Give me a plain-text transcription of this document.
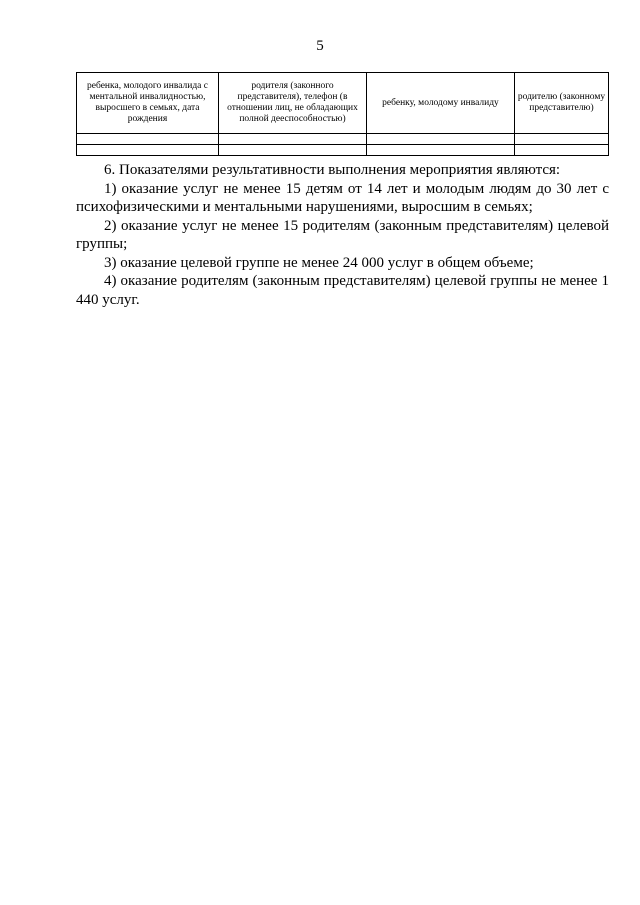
5
ребенка, молодого инвалида с ментальной инвалидностью, выросшего в семьях, дата рождения	родителя (законного представителя), телефон (в отношении лиц, не обладающих полной дееспособностью)	ребенку, молодому инвалиду	родителю (законному представителю)

6. Показателями результативности выполнения мероприятия являются:

1) оказание услуг не менее 15 детям от 14 лет и молодым людям до 30 лет с психофизическими и ментальными нарушениями, выросшим в семьях;

2) оказание услуг не менее 15 родителям (законным представителям) целевой группы;

3) оказание целевой группе не менее 24 000 услуг в общем объеме;

4) оказание родителям (законным представителям) целевой группы не менее 1 440 услуг.
